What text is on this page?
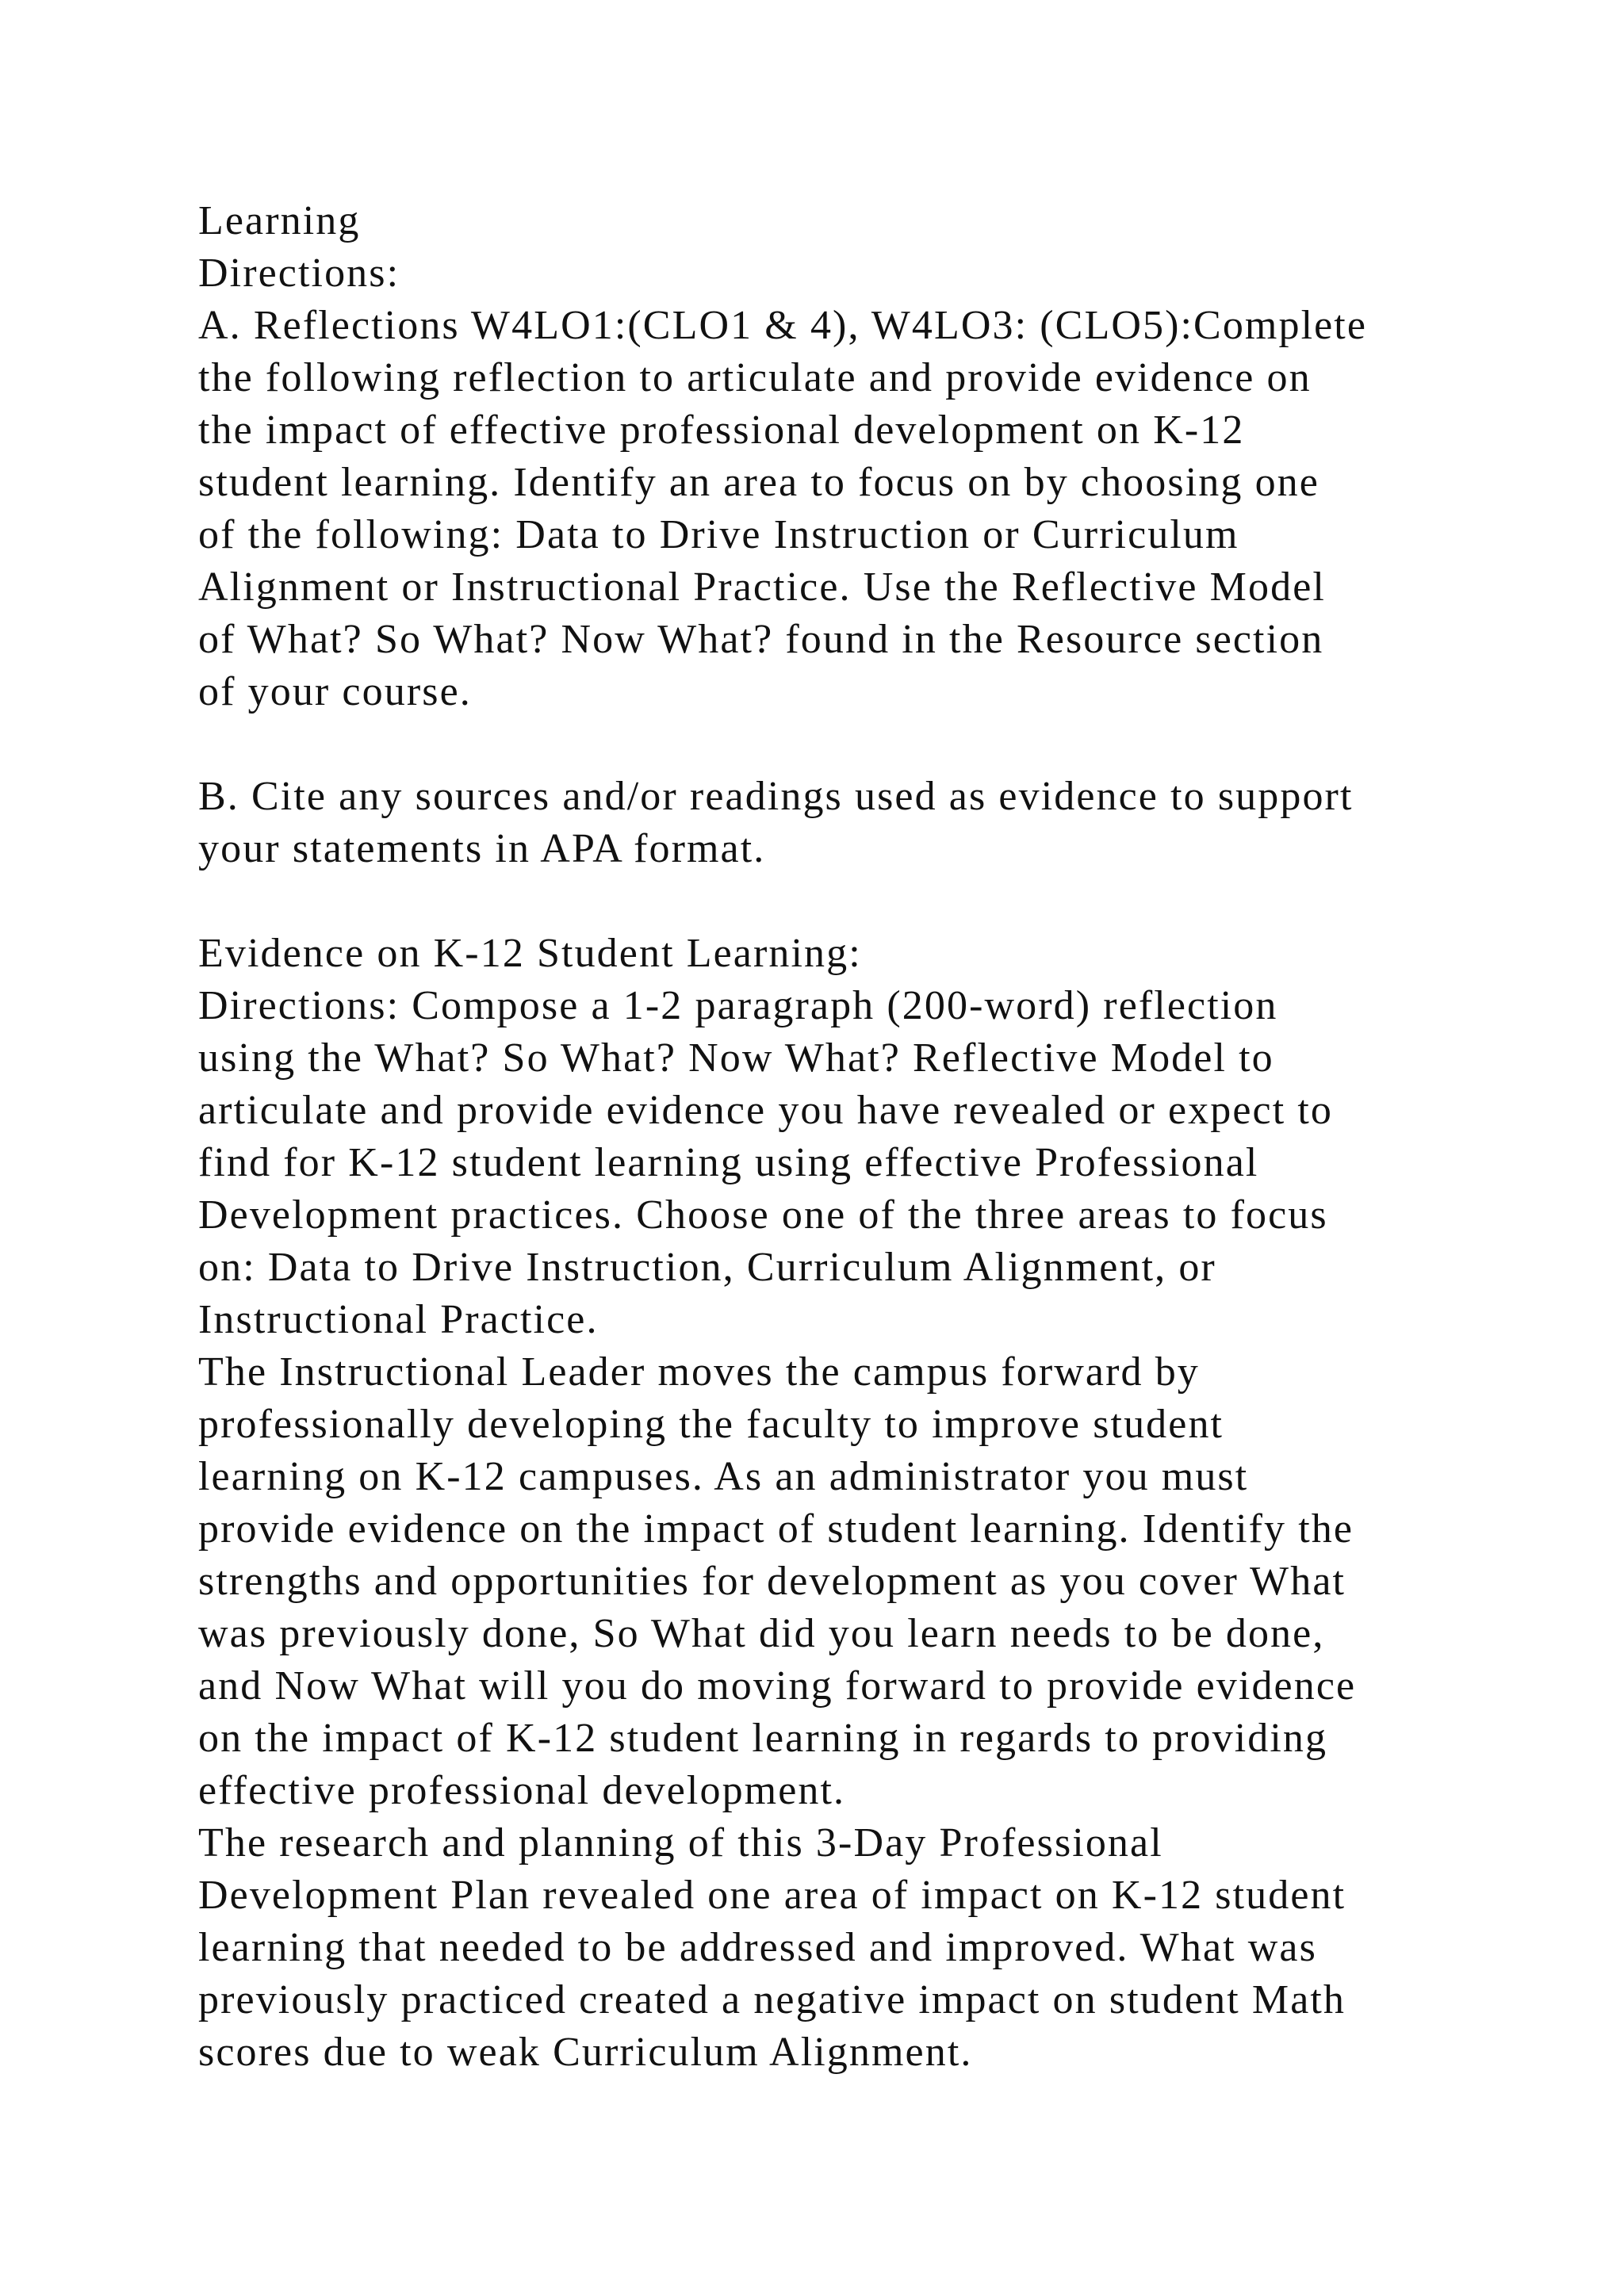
Learning
Directions:
A. Reflections W4LO1:(CLO1 & 4), W4LO3: (CLO5):Complete
the following reflection to articulate and provide evidence on
the impact of effective professional development on K-12
student learning. Identify an area to focus on by choosing one
of the following: Data to Drive Instruction or Curriculum
Alignment or Instructional Practice. Use the Reflective Model
of What? So What? Now What? found in the Resource section
of your course.
B. Cite any sources and/or readings used as evidence to support
your statements in APA format.
Evidence on K-12 Student Learning:
Directions: Compose a 1-2 paragraph (200-word) reflection
using the What? So What? Now What? Reflective Model to
articulate and provide evidence you have revealed or expect to
find for K-12 student learning using effective Professional
Development practices. Choose one of the three areas to focus
on: Data to Drive Instruction, Curriculum Alignment, or
Instructional Practice.
The Instructional Leader moves the campus forward by
professionally developing the faculty to improve student
learning on K-12 campuses. As an administrator you must
provide evidence on the impact of student learning. Identify the
strengths and opportunities for development as you cover What
was previously done, So What did you learn needs to be done,
and Now What will you do moving forward to provide evidence
on the impact of K-12 student learning in regards to providing
effective professional development.
The research and planning of this 3-Day Professional
Development Plan revealed one area of impact on K-12 student
learning that needed to be addressed and improved. What was
previously practiced created a negative impact on student Math
scores due to weak Curriculum Alignment.
